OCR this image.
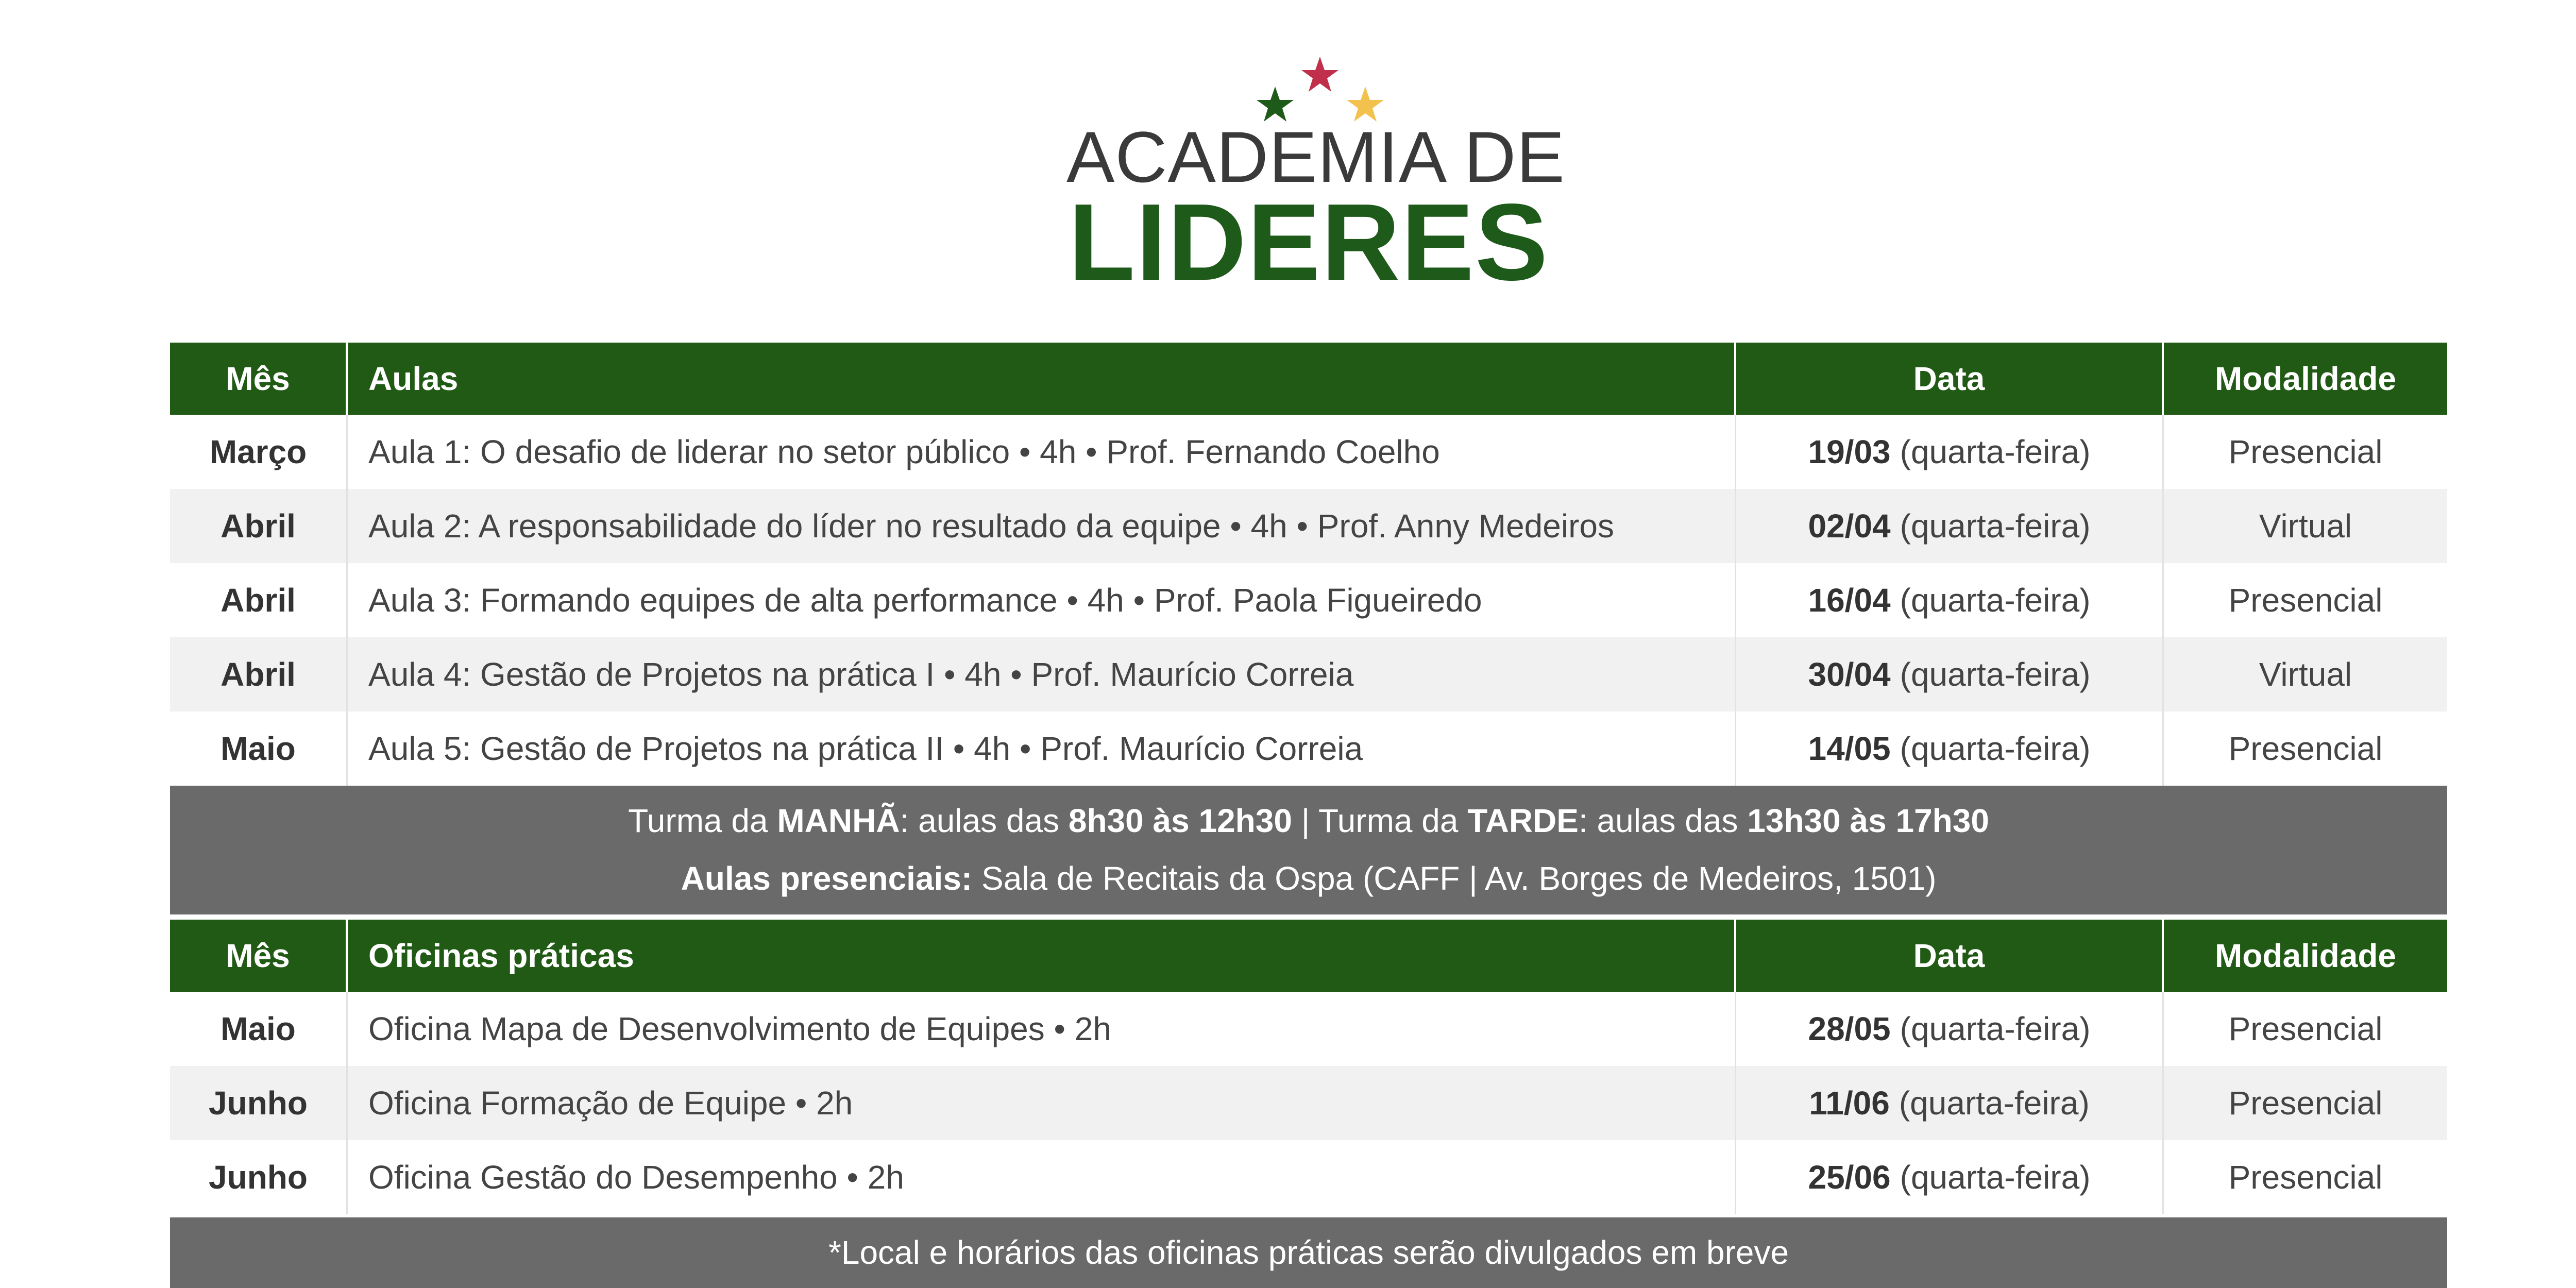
ACADEMIA DE
LIDERES
Mês	Aulas	Data	Modalidade
Março	Aula 1: O desafio de liderar no setor público • 4h • Prof. Fernando Coelho	19/03 (quarta-feira)	Presencial
Abril	Aula 2: A responsabilidade do líder no resultado da equipe • 4h • Prof. Anny Medeiros	02/04 (quarta-feira)	Virtual
Abril	Aula 3: Formando equipes de alta performance • 4h • Prof. Paola Figueiredo	16/04 (quarta-feira)	Presencial
Abril	Aula 4: Gestão de Projetos na prática I • 4h • Prof. Maurício Correia	30/04 (quarta-feira)	Virtual
Maio	Aula 5: Gestão de Projetos na prática II • 4h • Prof. Maurício Correia	14/05 (quarta-feira)	Presencial
Turma da MANHÃ: aulas das 8h30 às 12h30 | Turma da TARDE: aulas das 13h30 às 17h30
Aulas presenciais: Sala de Recitais da Ospa (CAFF | Av. Borges de Medeiros, 1501)
Mês	Oficinas práticas	Data	Modalidade
Maio	Oficina Mapa de Desenvolvimento de Equipes • 2h	28/05 (quarta-feira)	Presencial
Junho	Oficina Formação de Equipe • 2h	11/06 (quarta-feira)	Presencial
Junho	Oficina Gestão do Desempenho • 2h	25/06 (quarta-feira)	Presencial
*Local e horários das oficinas práticas serão divulgados em breve
